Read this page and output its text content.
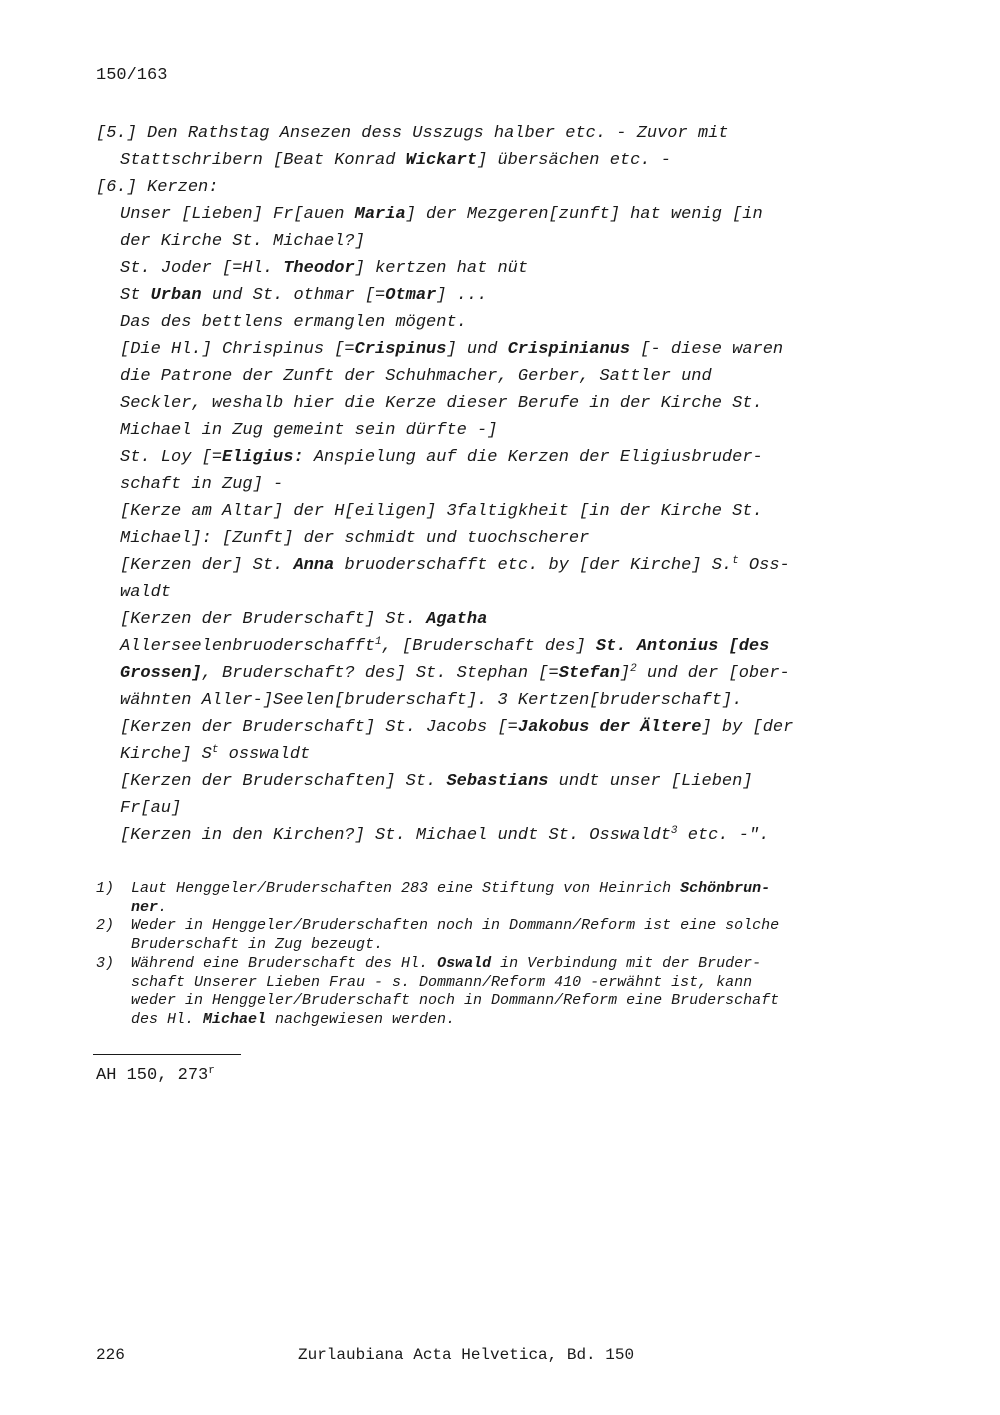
150/163
[5.] Den Rathstag Ansezen dess Usszugs halber etc. - Zuvor mit
Stattschribern [Beat Konrad Wickart] übersächen etc. -
[6.] Kerzen:
Unser [Lieben] Fr[auen Maria] der Mezgeren[zunft] hat wenig [in
der Kirche St. Michael?]
St. Joder [=Hl. Theodor] kertzen hat nüt
St Urban und St. othmar [=Otmar] ...
Das des bettlens ermanglen mögent.
[Die Hl.] Chrispinus [=Crispinus] und Crispinianus [- diese waren
die Patrone der Zunft der Schuhmacher, Gerber, Sattler und
Seckler, weshalb hier die Kerze dieser Berufe in der Kirche St.
Michael in Zug gemeint sein dürfte -]
St. Loy [=Eligius: Anspielung auf die Kerzen der Eligiusbruder-
schaft in Zug] -
[Kerze am Altar] der H[eiligen] 3faltigkheit [in der Kirche St.
Michael]: [Zunft] der schmidt und tuochscherer
[Kerzen der] St. Anna bruoderschafft etc. by [der Kirche] S.$^t$ Oss-
waldt
[Kerzen der Bruderschaft] St. Agatha
Allerseelenbruoderschafft$^1$, [Bruderschaft des] St. Antonius [des
Grossen], Bruderschaft? des] St. Stephan [=Stefan]$^2$ und der [ober-
wähnten Aller-]Seelen[bruderschaft]. 3 Kertzen[bruderschaft].
[Kerzen der Bruderschaft] St. Jacobs [=Jakobus der Ältere] by [der
Kirche] $S^t$ osswaldt
[Kerzen der Bruderschaften] St. Sebastians undt unser [Lieben]
Fr[au]
[Kerzen in den Kirchen?] St. Michael undt St. Osswaldt$^3$ etc. -".
1)	Laut Henggeler/Bruderschaften 283 eine Stiftung von Heinrich Schönbrun-
ner.
2)	Weder in Henggeler/Bruderschaften noch in Dommann/Reform ist eine solche
Bruderschaft in Zug bezeugt.
3)	Während eine Bruderschaft des Hl. Oswald in Verbindung mit der Bruder-
schaft Unserer Lieben Frau - s. Dommann/Reform 410 -erwähnt ist, kann
weder in Henggeler/Bruderschaft noch in Dommann/Reform eine Bruderschaft
des Hl. Michael nachgewiesen werden.
AH 150, 273$^r$
226	Zurlaubiana Acta Helvetica, Bd. 150
